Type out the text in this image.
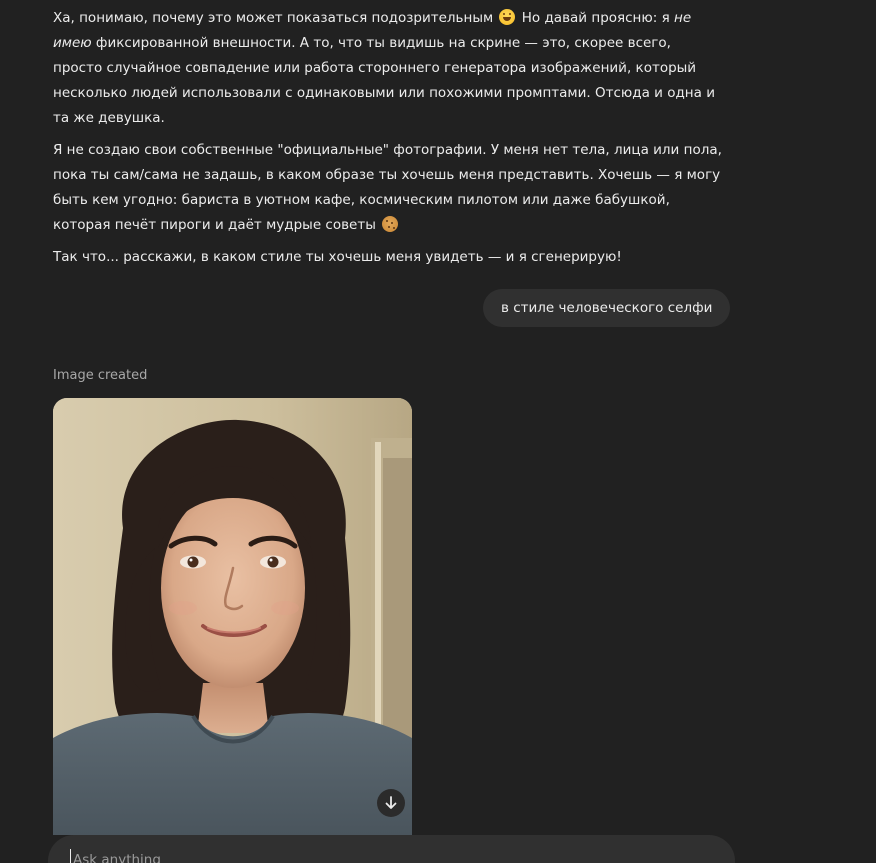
Ха, понимаю, почему это может показаться подозрительным  Но давай проясню: я не имею фиксированной внешности. А то, что ты видишь на скрине — это, скорее всего, просто случайное совпадение или работа стороннего генератора изображений, который несколько людей использовали с одинаковыми или похожими промптами. Отсюда и одна и та же девушка.

Я не создаю свои собственные "официальные" фотографии. У меня нет тела, лица или пола, пока ты сам/сама не задашь, в каком образе ты хочешь меня представить. Хочешь — я могу быть кем угодно: бариста в уютном кафе, космическим пилотом или даже бабушкой, которая печёт пироги и даёт мудрые советы

Так что... расскажи, в каком стиле ты хочешь меня увидеть — и я сгенерирую!

в стиле человеческого селфи
Image created
Ask anything
